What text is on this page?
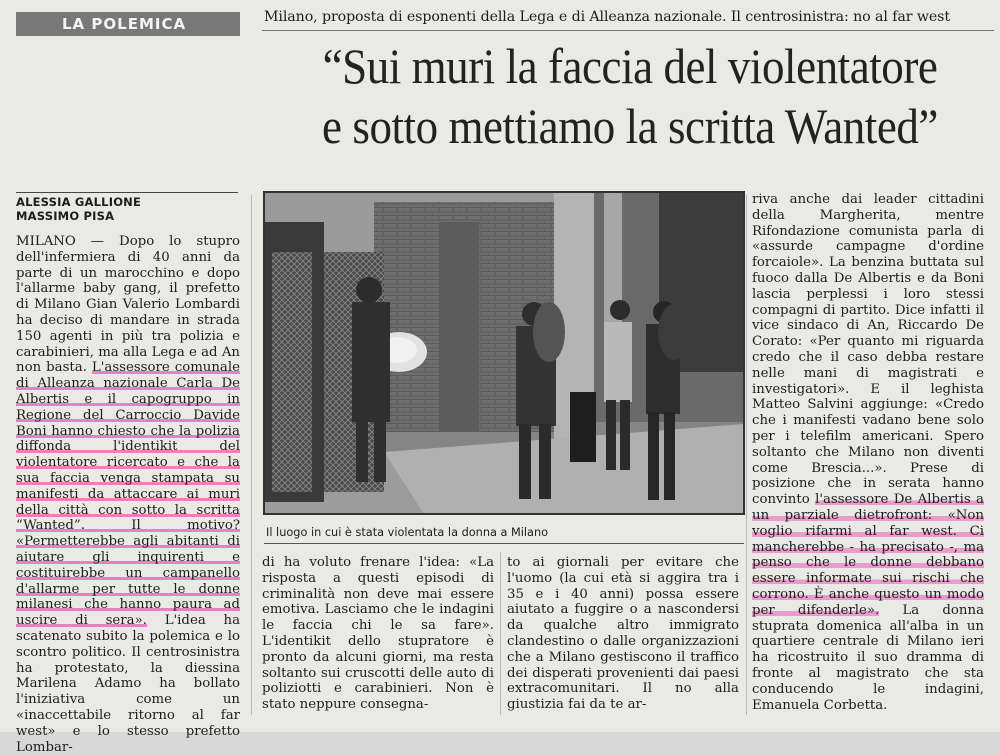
LA POLEMICA	Milano, proposta di esponenti della Lega e di Alleanza nazionale. Il centrosinistra: no al far west
“Sui muri la faccia del violentatore
e sotto mettiamo la scritta Wanted”
ALESSIA GALLIONE
MASSIMO PISA

MILANO — Dopo lo stupro dell'infermiera di 40 anni da parte di un marocchino e dopo l'allarme baby gang, il prefetto di Milano Gian Valerio Lombardi ha deciso di mandare in strada 150 agenti in più tra polizia e carabinieri, ma alla Lega e ad An non basta. L'assessore comunale di Alleanza nazionale Carla De Albertis e il capogruppo in Regione del Carroccio Davide Boni hanno chiesto che la polizia diffonda l'identikit del violentatore ricercato e che la sua faccia venga stampata su manifesti da attaccare ai muri della città con sotto la scritta “Wanted”. Il motivo? «Permetterebbe agli abitanti di aiutare gli inquirenti e costituirebbe un campanello d'allarme per tutte le donne milanesi che hanno paura ad uscire di sera». L'idea ha scatenato subito la polemica e lo scontro politico. Il centrosinistra ha protestato, la diessina Marilena Adamo ha bollato l'iniziativa come un «inaccettabile ritorno al far west» e lo stesso prefetto Lombar-

Il luogo in cui è stata violentata la donna a Milano

di ha voluto frenare l'idea: «La risposta a questi episodi di criminalità non deve mai essere emotiva. Lasciamo che le indagini le faccia chi le sa fare». L'identikit dello stupratore è pronto da alcuni giorni, ma resta soltanto sui cruscotti delle auto di poliziotti e carabinieri. Non è stato neppure consegna-

to ai giornali per evitare che l'uomo (la cui età si aggira tra i 35 e i 40 anni) possa essere aiutato a fuggire o a nascondersi da qualche altro immigrato clandestino o dalle organizzazioni che a Milano gestiscono il traffico dei disperati provenienti dai paesi extracomunitari. Il no alla giustizia fai da te ar-

riva anche dai leader cittadini della Margherita, mentre Rifondazione comunista parla di «assurde campagne d'ordine forcaiole». La benzina buttata sul fuoco dalla De Albertis e da Boni lascia perplessi i loro stessi compagni di partito. Dice infatti il vice sindaco di An, Riccardo De Corato: «Per quanto mi riguarda credo che il caso debba restare nelle mani di magistrati e investigatori». E il leghista Matteo Salvini aggiunge: «Credo che i manifesti vadano bene solo per i telefilm americani. Spero soltanto che Milano non diventi come Brescia...». Prese di posizione che in serata hanno convinto l'assessore De Albertis a un parziale dietrofront: «Non voglio rifarmi al far west. Ci mancherebbe - ha precisato -, ma penso che le donne debbano essere informate sui rischi che corrono. È anche questo un modo per difenderle». La donna stuprata domenica all'alba in un quartiere centrale di Milano ieri ha ricostruito il suo dramma di fronte al magistrato che sta conducendo le indagini, Emanuela Corbetta.
